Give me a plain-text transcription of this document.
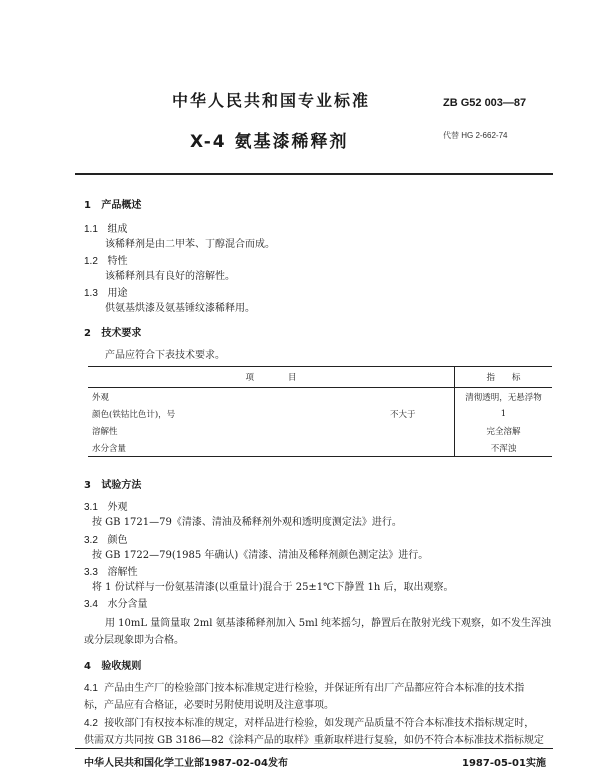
中华人民共和国专业标准	ZB G52 003—87
X-4 氨基漆稀释剂	代替 HG 2-662-74
1 产品概述
1.1 组成
该稀释剂是由二甲苯、丁醇混合而成。
1.2 特性
该稀释剂具有良好的溶解性。
1.3 用途
供氨基烘漆及氨基锤纹漆稀释用。
2 技术要求
产品应符合下表技术要求。
项　　　　目		指　　标
外观		清彻透明，无悬浮物
颜色(铁钴比色计)，号	不大于	1
溶解性		完全溶解
水分含量		不浑浊
3 试验方法
3.1 外观
按 GB 1721—79《清漆、清油及稀释剂外观和透明度测定法》进行。
3.2 颜色
按 GB 1722—79(1985 年确认)《清漆、清油及稀释剂颜色测定法》进行。
3.3 溶解性
将 1 份试样与一份氨基清漆(以重量计)混合于 25±1℃下静置 1h 后，取出观察。
3.4 水分含量
用 10mL 量筒量取 2ml 氨基漆稀释剂加入 5ml 纯苯摇匀，静置后在散射光线下观察，如不发生浑浊
或分层现象即为合格。
4 验收规则
4.1 产品由生产厂的检验部门按本标准规定进行检验，并保证所有出厂产品都应符合本标准的技术指
标，产品应有合格证，必要时另附使用说明及注意事项。
4.2 接收部门有权按本标准的规定，对样品进行检验，如发现产品质量不符合本标准技术指标规定时，
供需双方共同按 GB 3186—82《涂料产品的取样》重新取样进行复验，如仍不符合本标准技术指标规定
中华人民共和国化学工业部1987-02-04发布	1987-05-01实施
